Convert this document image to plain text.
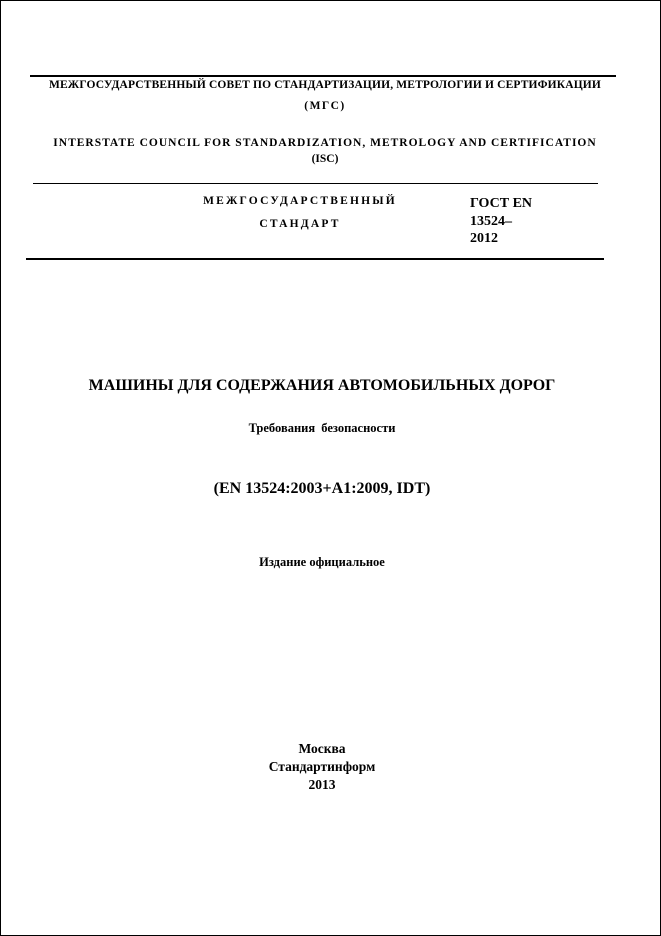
МЕЖГОСУДАРСТВЕННЫЙ СОВЕТ ПО СТАНДАРТИЗАЦИИ, МЕТРОЛОГИИ И СЕРТИФИКАЦИИ
(МГС)
INTERSTATE COUNCIL FOR STANDARDIZATION, METROLOGY AND CERTIFICATION
(ISC)
МЕЖГОСУДАРСТВЕННЫЙ
СТАНДАРТ
ГОСТ EN
13524–
2012
МАШИНЫ ДЛЯ СОДЕРЖАНИЯ АВТОМОБИЛЬНЫХ ДОРОГ
Требования безопасности
(EN 13524:2003+A1:2009, IDT)
Издание официальное
Москва
Стандартинформ
2013
